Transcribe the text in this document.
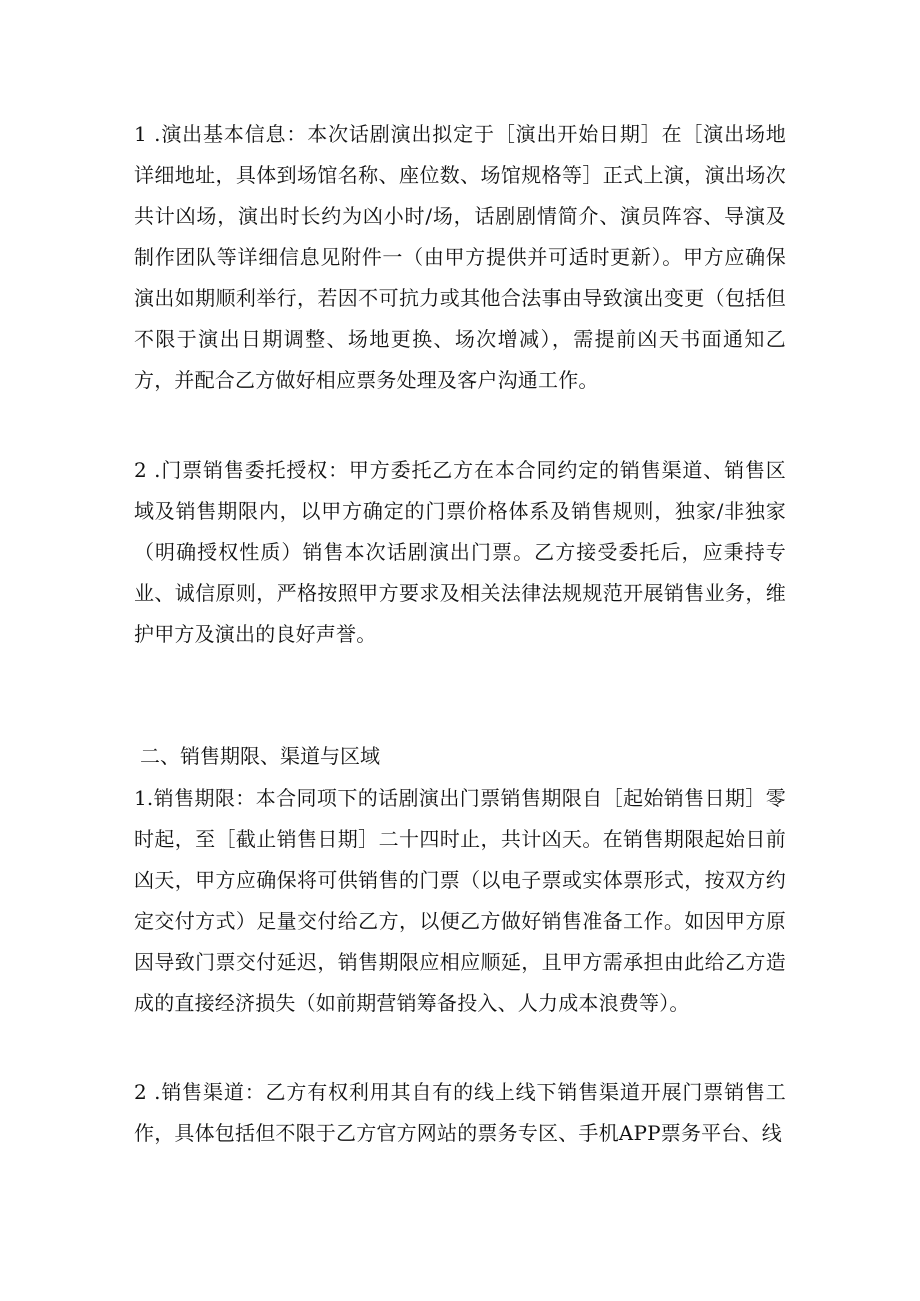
1 .演出基本信息：本次话剧演出拟定于［演出开始日期］在［演出场地详细地址，具体到场馆名称、座位数、场馆规格等］正式上演，演出场次共计凶场，演出时长约为凶小时/场，话剧剧情简介、演员阵容、导演及制作团队等详细信息见附件一（由甲方提供并可适时更新）。甲方应确保演出如期顺利举行，若因不可抗力或其他合法事由导致演出变更（包括但不限于演出日期调整、场地更换、场次增减），需提前凶天书面通知乙方，并配合乙方做好相应票务处理及客户沟通工作。

2 .门票销售委托授权：甲方委托乙方在本合同约定的销售渠道、销售区域及销售期限内，以甲方确定的门票价格体系及销售规则，独家/非独家（明确授权性质）销售本次话剧演出门票。乙方接受委托后，应秉持专业、诚信原则，严格按照甲方要求及相关法律法规规范开展销售业务，维护甲方及演出的良好声誉。

二、销售期限、渠道与区域

1.销售期限：本合同项下的话剧演出门票销售期限自［起始销售日期］零时起，至［截止销售日期］二十四时止，共计凶天。在销售期限起始日前凶天，甲方应确保将可供销售的门票（以电子票或实体票形式，按双方约定交付方式）足量交付给乙方，以便乙方做好销售准备工作。如因甲方原因导致门票交付延迟，销售期限应相应顺延，且甲方需承担由此给乙方造成的直接经济损失（如前期营销筹备投入、人力成本浪费等）。

2 .销售渠道：乙方有权利用其自有的线上线下销售渠道开展门票销售工作，具体包括但不限于乙方官方网站的票务专区、手机APP票务平台、线
